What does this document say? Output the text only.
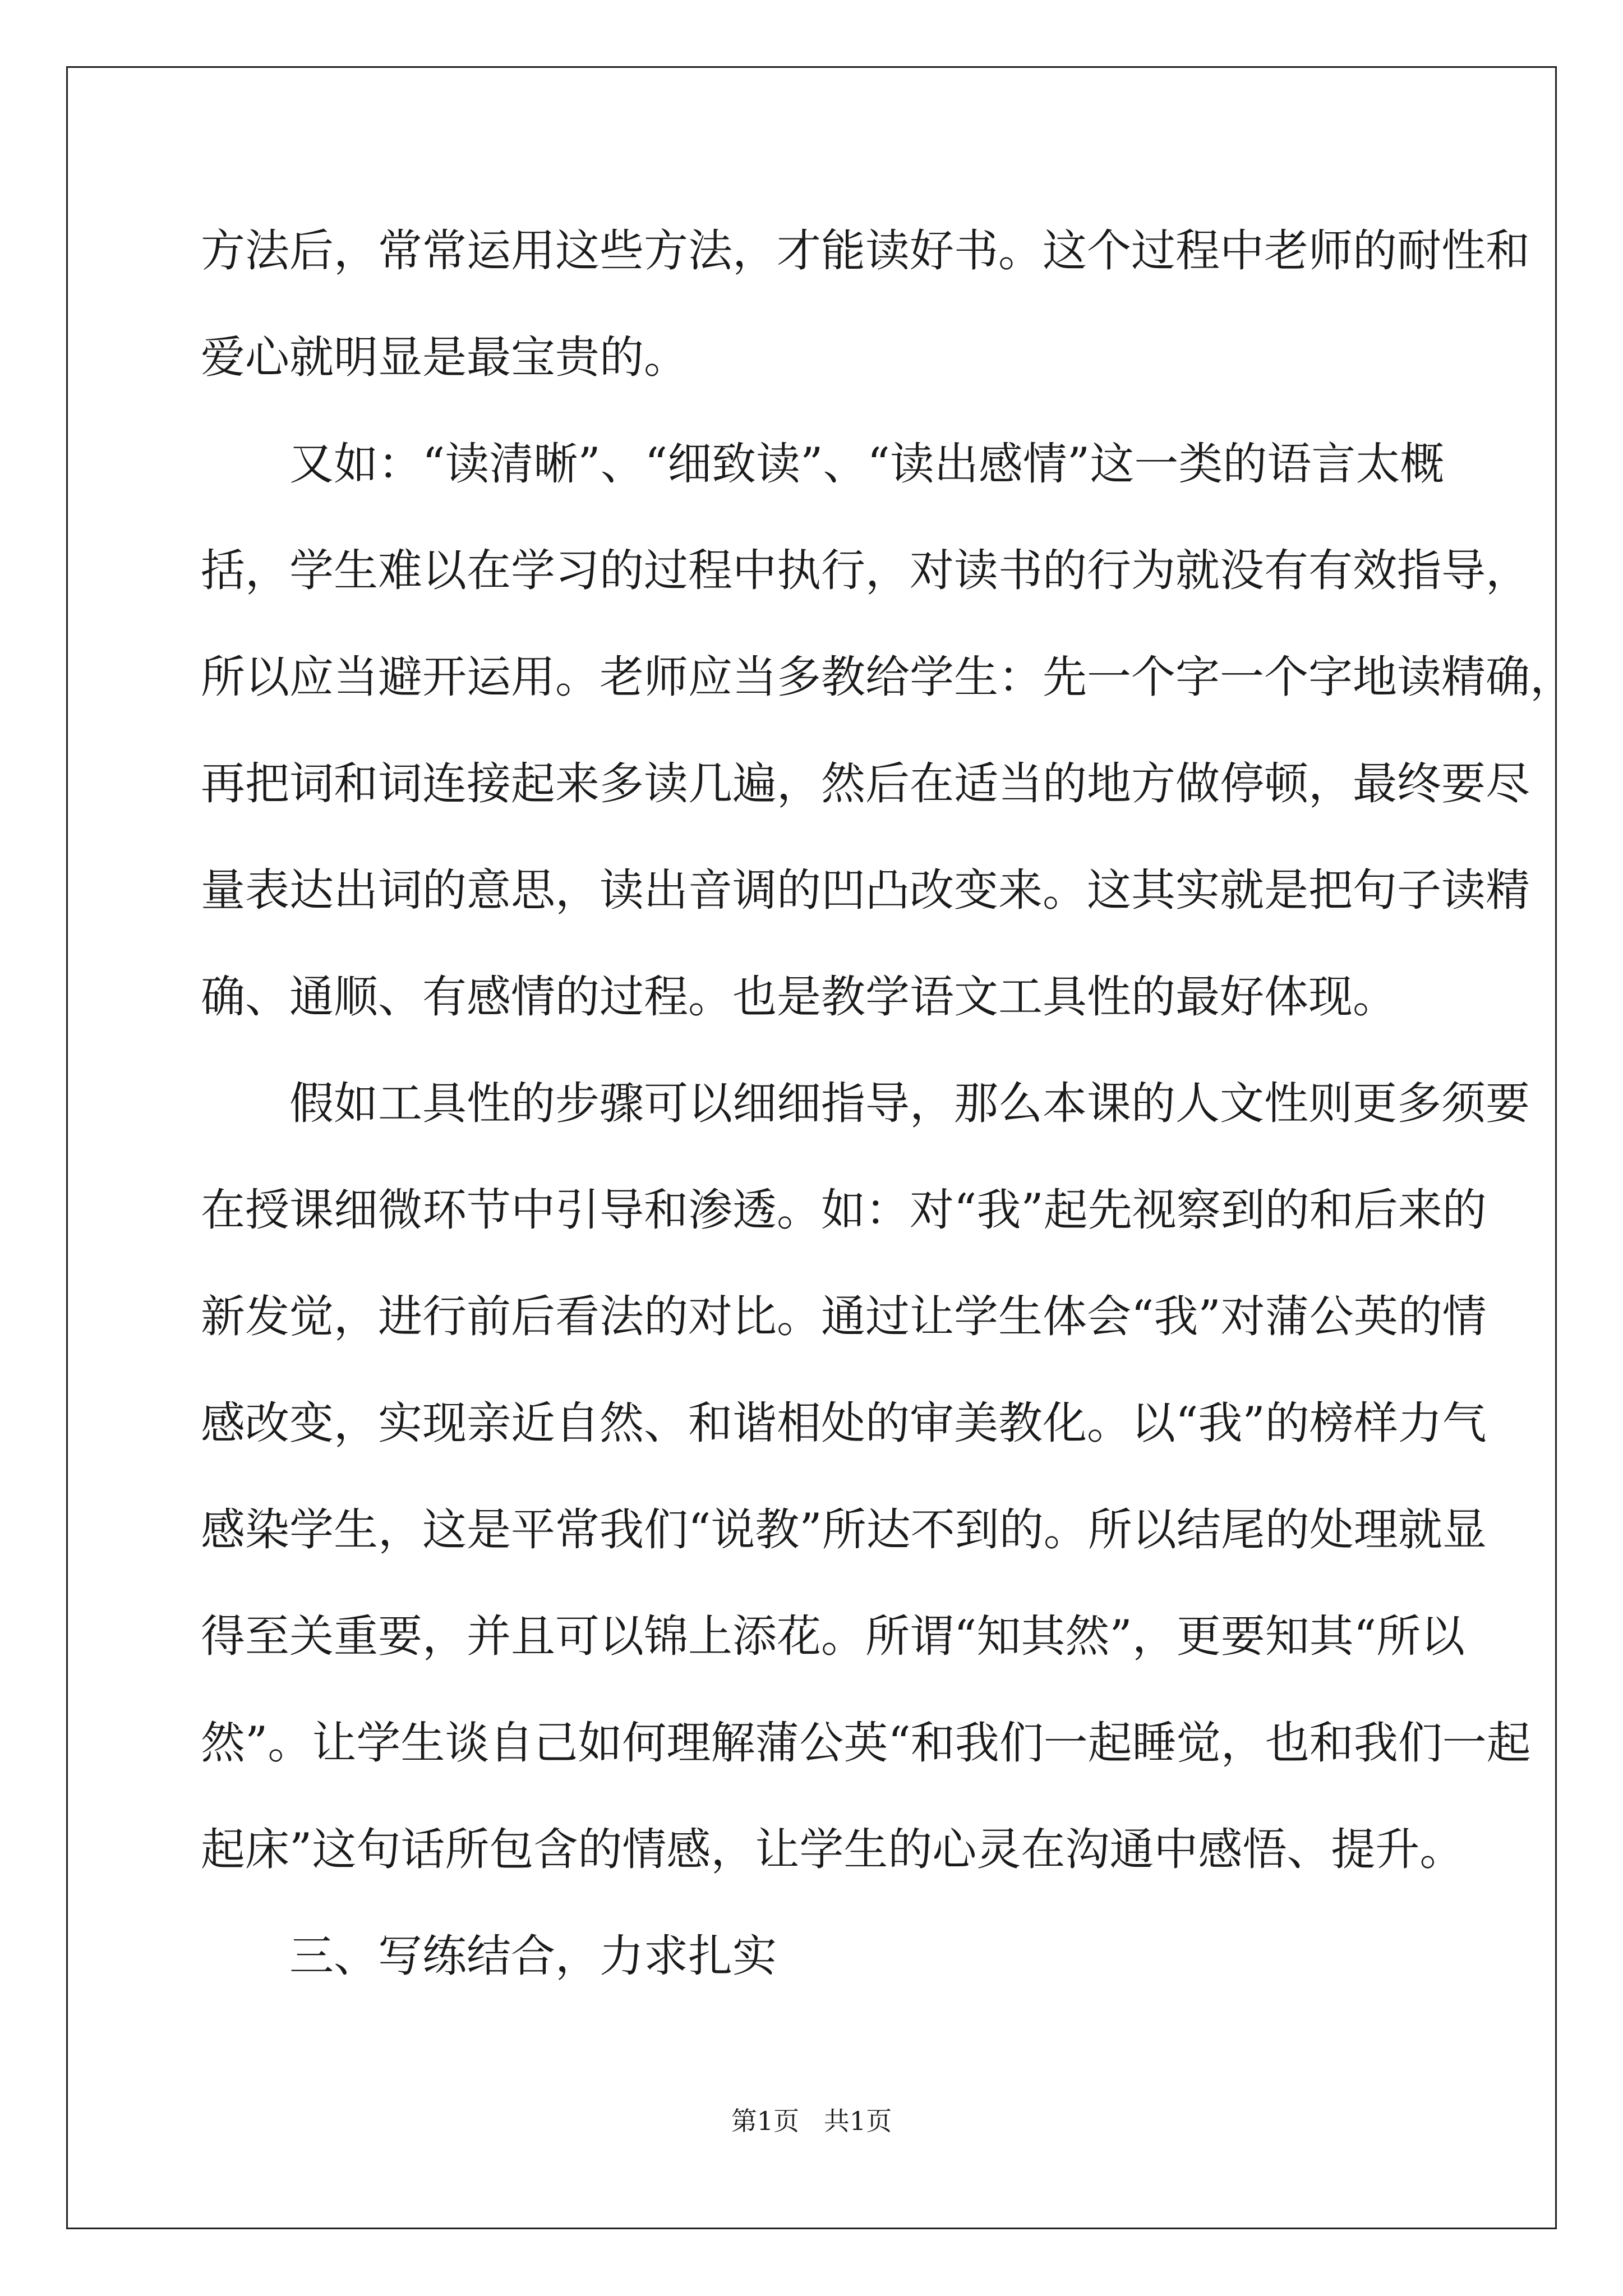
方法后，常常运用这些方法，才能读好书。这个过程中老师的耐性和
爱心就明显是最宝贵的。
又如：“读清晰”、“细致读”、“读出感情”这一类的语言太概
括，学生难以在学习的过程中执行，对读书的行为就没有有效指导，
所以应当避开运用。老师应当多教给学生：先一个字一个字地读精确，
再把词和词连接起来多读几遍，然后在适当的地方做停顿，最终要尽
量表达出词的意思，读出音调的凹凸改变来。这其实就是把句子读精
确、通顺、有感情的过程。也是教学语文工具性的最好体现。
假如工具性的步骤可以细细指导，那么本课的人文性则更多须要
在授课细微环节中引导和渗透。如：对“我”起先视察到的和后来的
新发觉，进行前后看法的对比。通过让学生体会“我”对蒲公英的情
感改变，实现亲近自然、和谐相处的审美教化。以“我”的榜样力气
感染学生，这是平常我们“说教”所达不到的。所以结尾的处理就显
得至关重要，并且可以锦上添花。所谓“知其然”，更要知其“所以
然”。让学生谈自己如何理解蒲公英“和我们一起睡觉，也和我们一起
起床”这句话所包含的情感，让学生的心灵在沟通中感悟、提升。
三、写练结合，力求扎实
第1页   共1页
